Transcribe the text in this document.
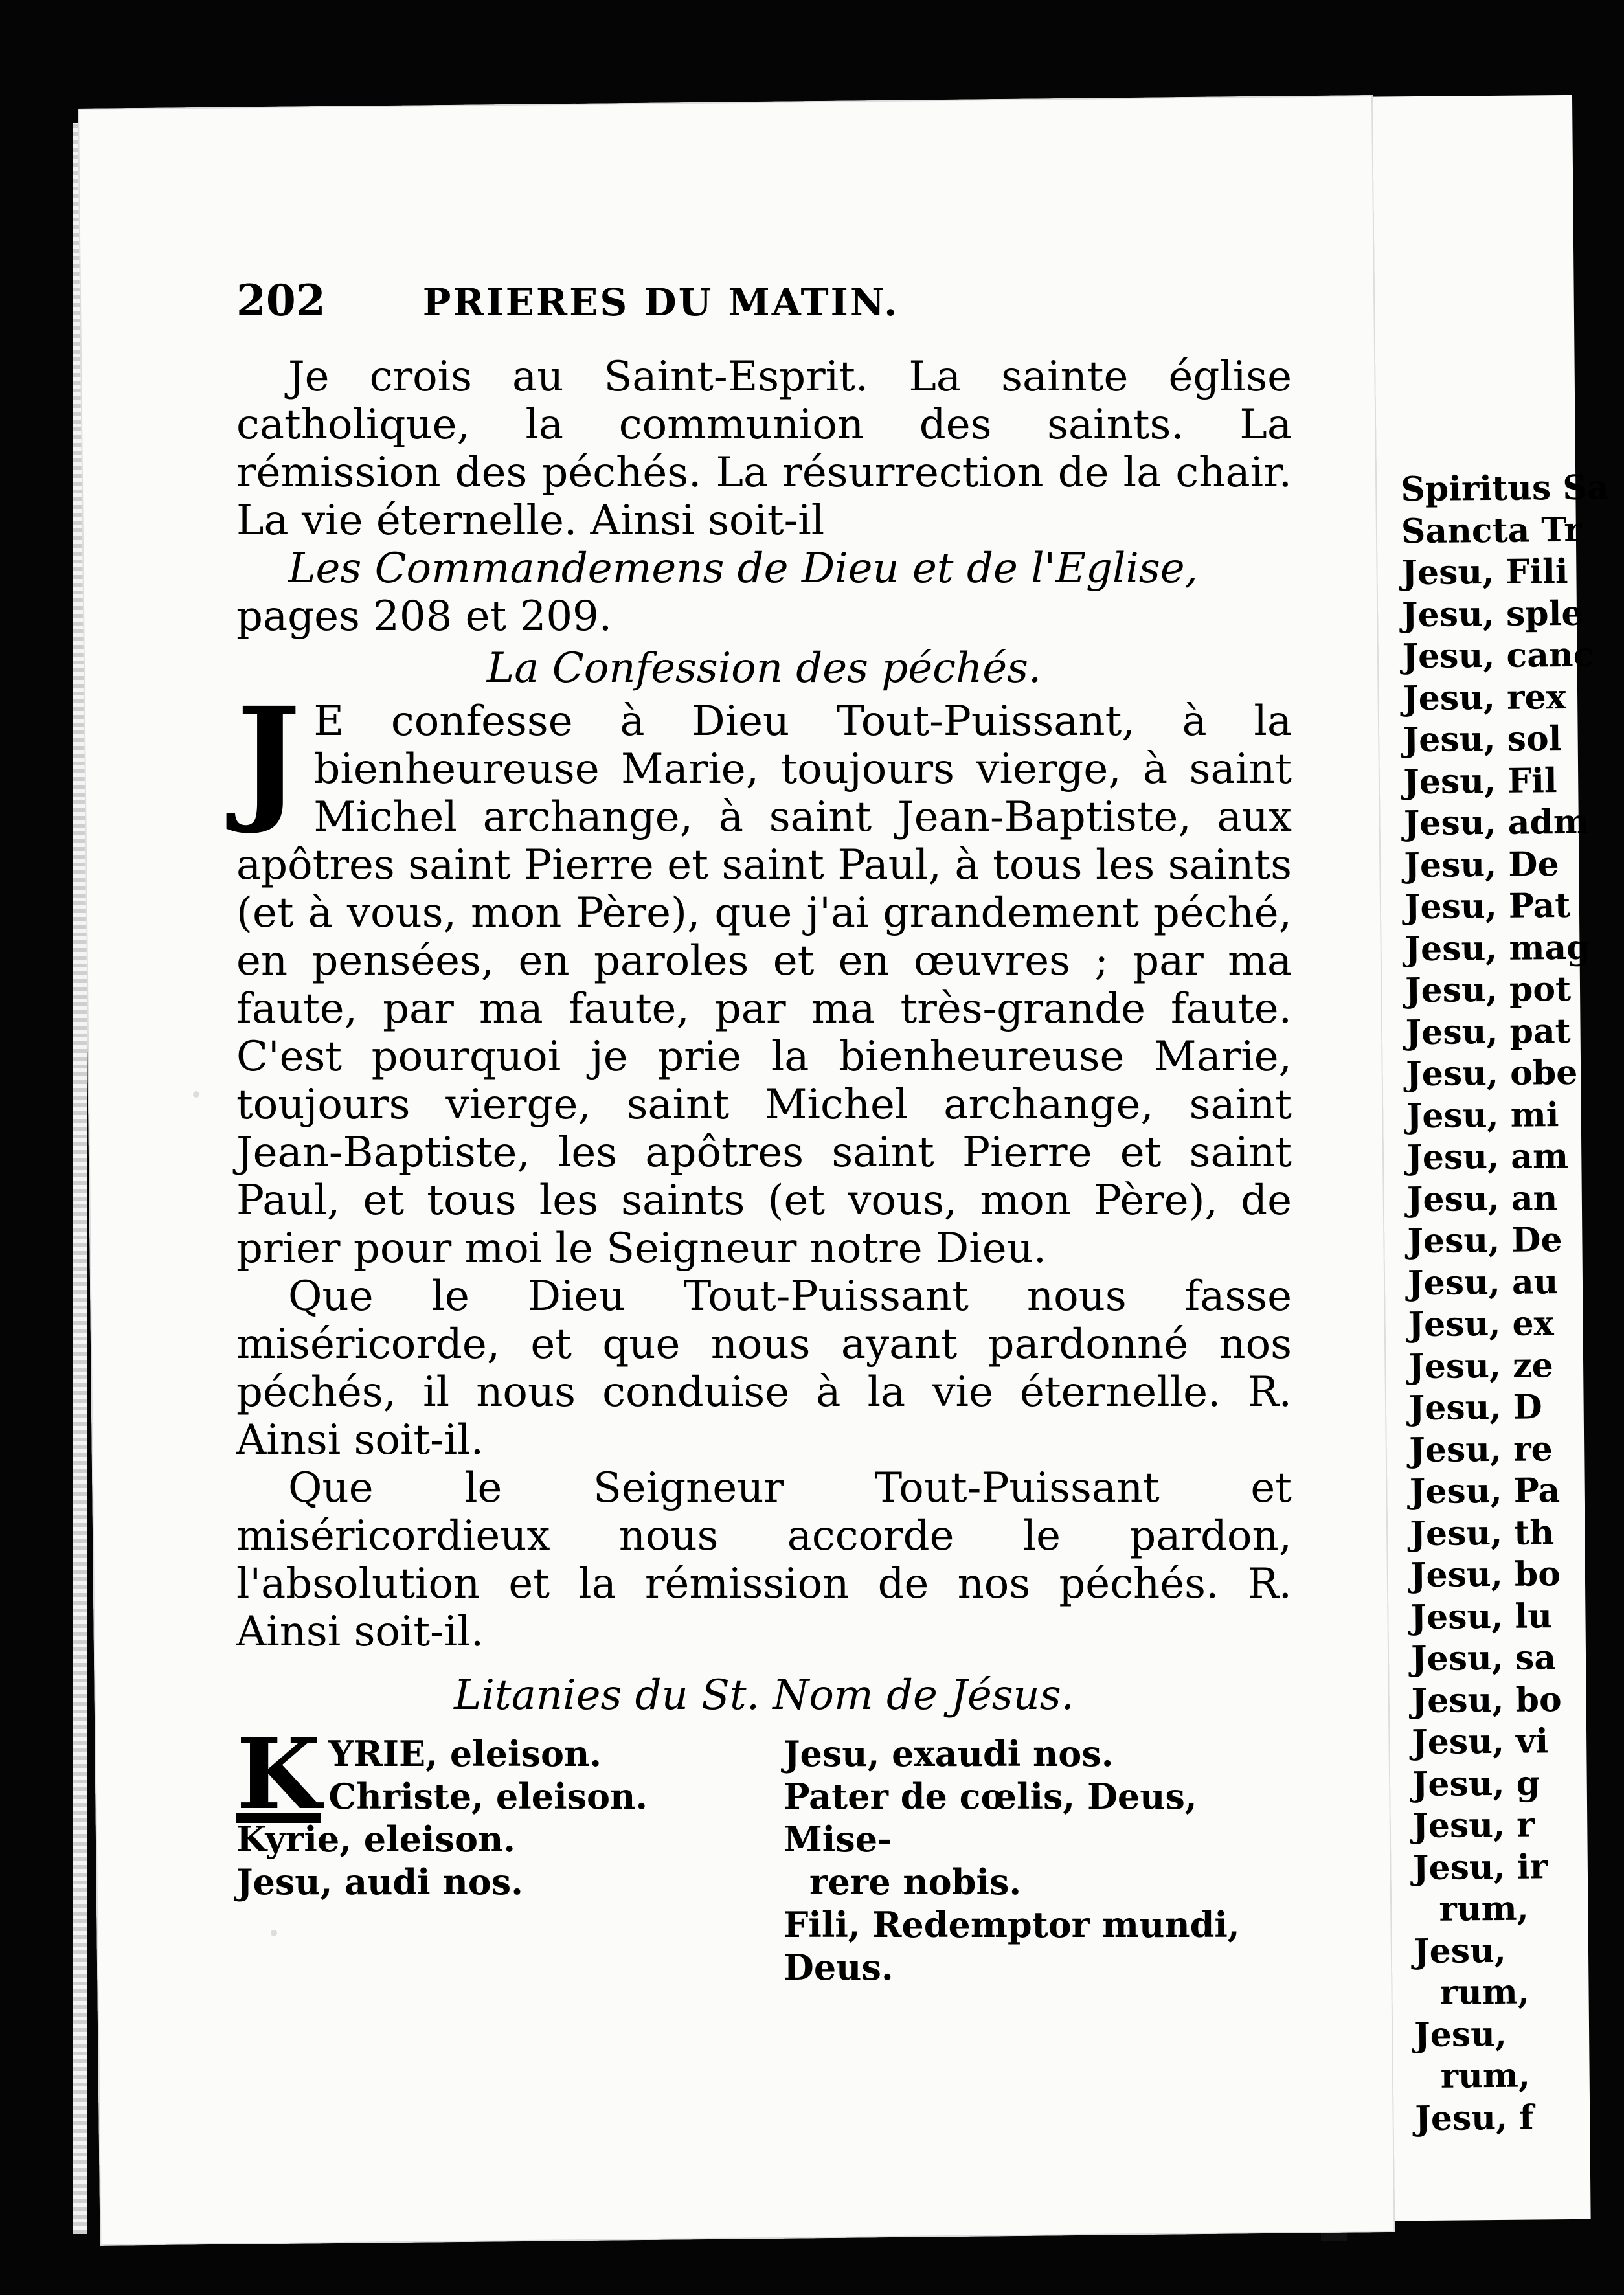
Spiritus Sa
Sancta Tr
Jesu, Fili
Jesu, sple
Jesu, canc
Jesu, rex
Jesu, sol
Jesu, Fil
Jesu, adm
Jesu, De
Jesu, Pat
Jesu, mag
Jesu, pot
Jesu, pat
Jesu, obe
Jesu, mi
Jesu, am
Jesu, an
Jesu, De
Jesu, au
Jesu, ex
Jesu, ze
Jesu, D
Jesu, re
Jesu, Pa
Jesu, th
Jesu, bo
Jesu, lu
Jesu, sa
Jesu, bo
Jesu, vi
Jesu, g
Jesu, r
Jesu, ir
rum,
Jesu,
rum,
Jesu,
rum,
Jesu, f
202	PRIERES DU MATIN.

Je crois au Saint-Esprit. La sainte église catholique, la communion des saints. La rémission des péchés. La résurrection de la chair. La vie éternelle. Ainsi soit-il

Les Commandemens de Dieu et de l'Eglise,

pages 208 et 209.

La Confession des péchés.

J E confesse à Dieu Tout-Puissant, à la bienheureuse Marie, toujours vierge, à saint Michel archange, à saint Jean-Baptiste, aux apôtres saint Pierre et saint Paul, à tous les saints (et à vous, mon Père), que j'ai grandement péché, en pensées, en paroles et en œuvres ; par ma faute, par ma faute, par ma très-grande faute. C'est pourquoi je prie la bienheureuse Marie, toujours vierge, saint Michel archange, saint Jean-Baptiste, les apôtres saint Pierre et saint Paul, et tous les saints (et vous, mon Père), de prier pour moi le Seigneur notre Dieu.

Que le Dieu Tout-Puissant nous fasse miséricorde, et que nous ayant pardonné nos péchés, il nous conduise à la vie éternelle. R. Ainsi soit-il.

Que le Seigneur Tout-Puissant et miséricordieux nous accorde le pardon, l'absolution et la rémission de nos péchés. R. Ainsi soit-il.

Litanies du St. Nom de Jésus.

K YRIE, eleison.
Christe, eleison.
Kyrie, eleison.
Jesu, audi nos.
Jesu, exaudi nos.
Pater de cœlis, Deus, Mise-
rere nobis.
Fili, Redemptor mundi, Deus.
